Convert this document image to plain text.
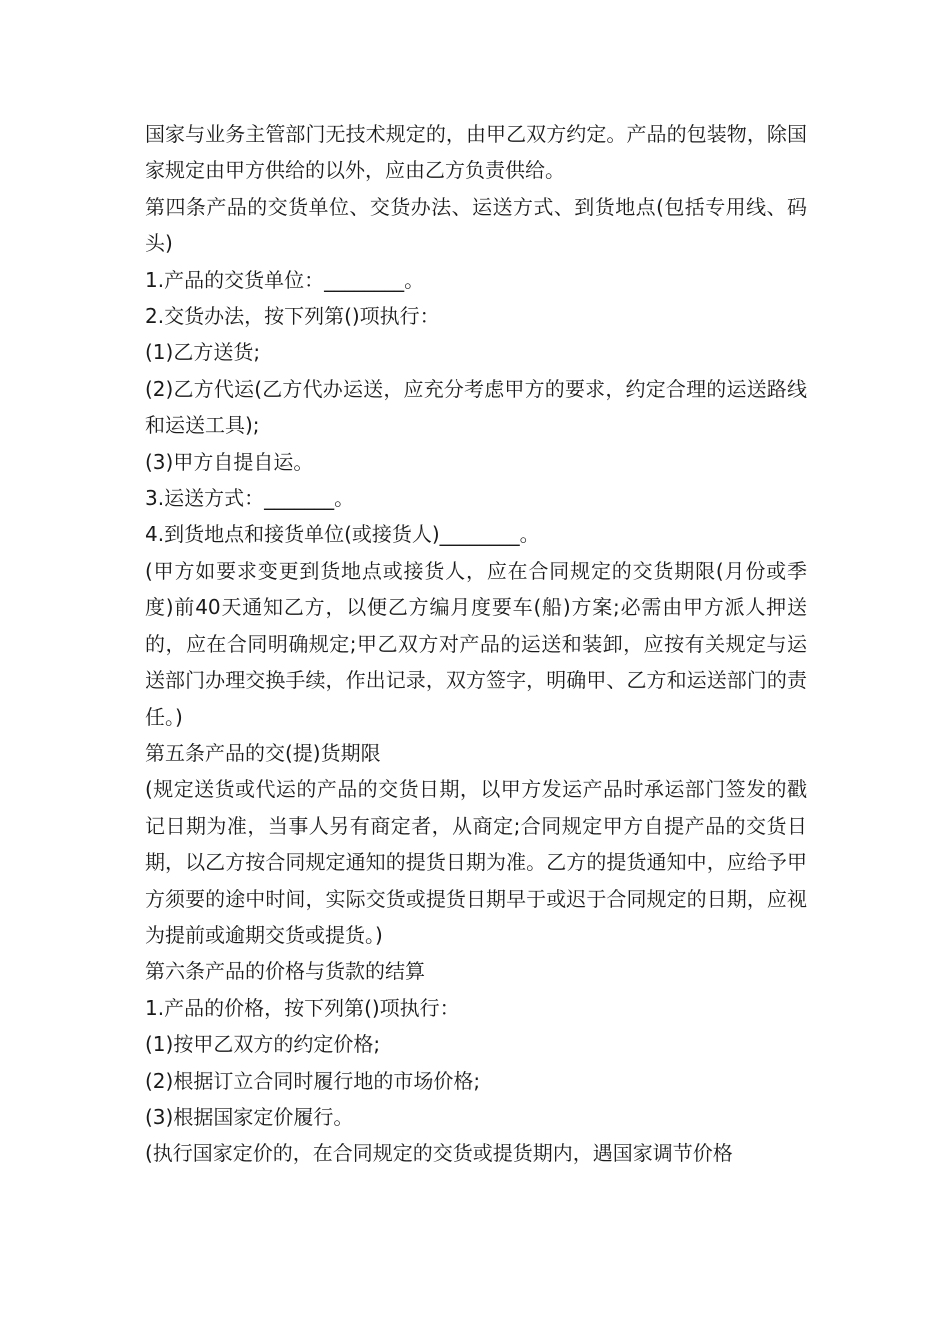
国家与业务主管部门无技术规定的，由甲乙双方约定。产品的包装物，除国家规定由甲方供给的以外，应由乙方负责供给。

第四条产品的交货单位、交货办法、运送方式、到货地点(包括专用线、码头)

1.产品的交货单位：________。

2.交货办法，按下列第()项执行：

(1)乙方送货;

(2)乙方代运(乙方代办运送，应充分考虑甲方的要求，约定合理的运送路线和运送工具);

(3)甲方自提自运。

3.运送方式：_______。

4.到货地点和接货单位(或接货人)________。

(甲方如要求变更到货地点或接货人，应在合同规定的交货期限(月份或季度)前40天通知乙方，以便乙方编月度要车(船)方案;必需由甲方派人押送的，应在合同明确规定;甲乙双方对产品的运送和装卸，应按有关规定与运送部门办理交换手续，作出记录，双方签字，明确甲、乙方和运送部门的责任。)

第五条产品的交(提)货期限

(规定送货或代运的产品的交货日期，以甲方发运产品时承运部门签发的戳记日期为准，当事人另有商定者，从商定;合同规定甲方自提产品的交货日期，以乙方按合同规定通知的提货日期为准。乙方的提货通知中，应给予甲方须要的途中时间，实际交货或提货日期早于或迟于合同规定的日期，应视为提前或逾期交货或提货。)

第六条产品的价格与货款的结算

1.产品的价格，按下列第()项执行：

(1)按甲乙双方的约定价格;

(2)根据订立合同时履行地的市场价格;

(3)根据国家定价履行。

(执行国家定价的，在合同规定的交货或提货期内，遇国家调节价格
